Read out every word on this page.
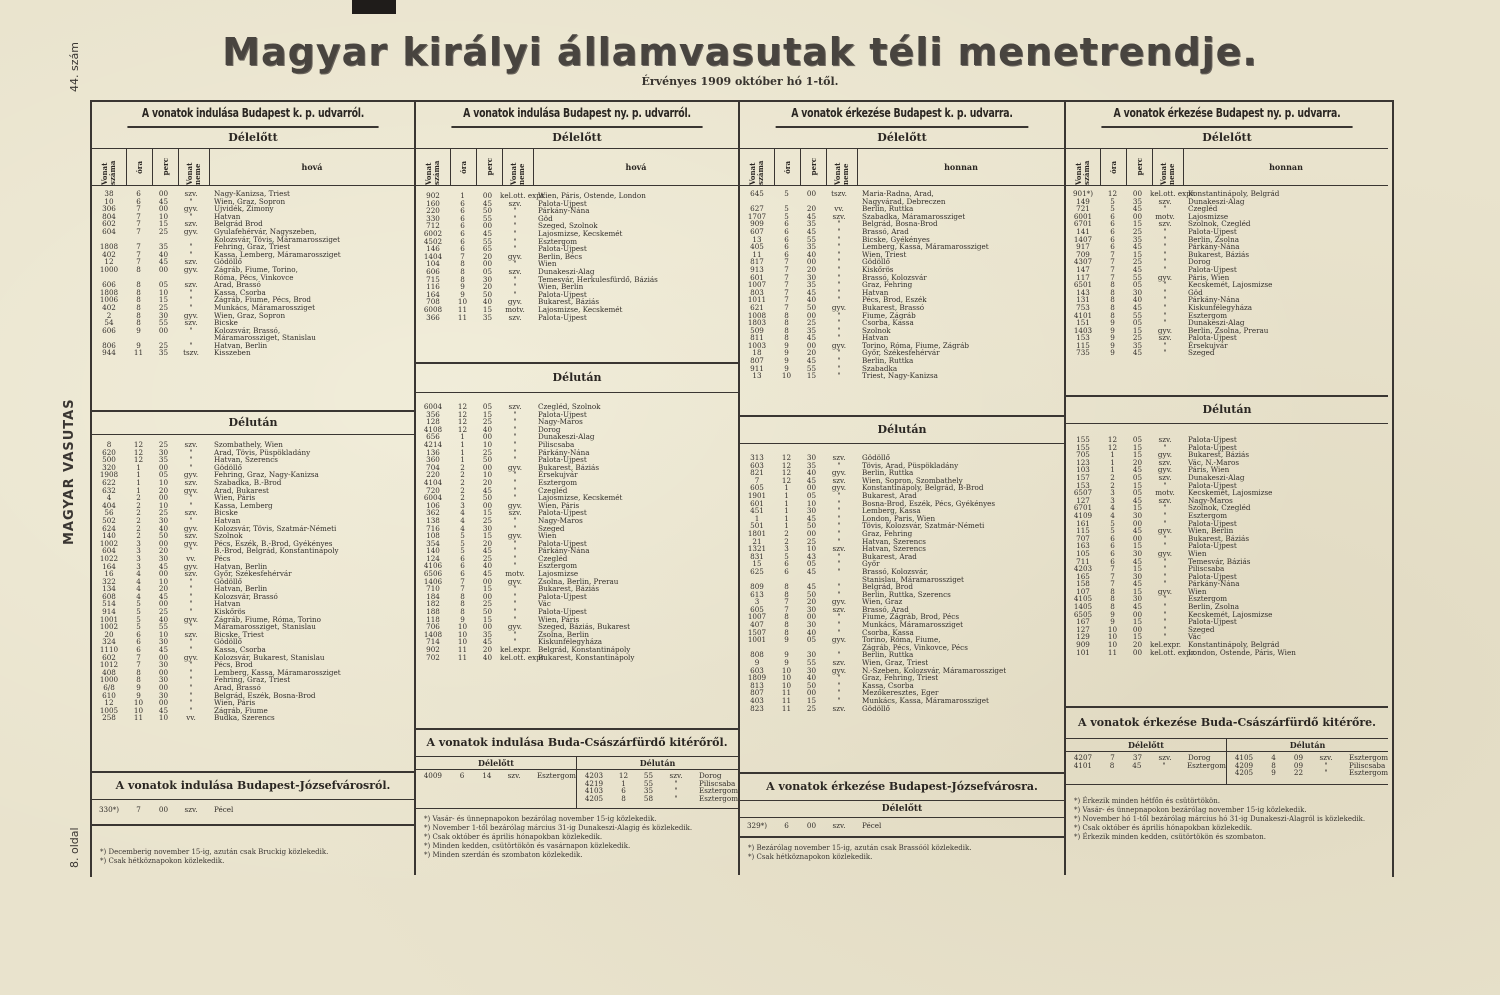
Magyar királyi államvasutak téli menetrendje.
Érvényes 1909 október hó 1-től.
44. szám
MAGYAR VASUTAS
8. oldal
A vonatok indulása Budapest k. p. udvarról.
Délelőtt
Vonat száma	óra perc Vonat neme	hová
38	6	00	szv.	Nagy-Kanizsa, Triest
10	6	45	"	Wien, Graz, Sopron
306	7	00	gyv.	Ujvidék, Zimony
804	7	10	"	Hatvan
602	7	15	szv.	Belgrád Brod
604	7	25	gyv.	Gyulafehérvár, Nagyszeben,
Kolozsvár, Tövis, Máramarossziget
1808	7	35	"	Fehring, Graz, Triest
402	7	40	"	Kassa, Lemberg, Máramarossziget
12	7	45	szv.	Gödöllő
1000	8	00	gyv.	Zágráb, Fiume, Torino,
Róma, Pécs, Vinkovce
606	8	05	szv.	Arad, Brassó
1808	8	10	"	Kassa, Csorba
1006	8	15	"	Zágráb, Fiume, Pécs, Brod
402	8	25	"	Munkács, Máramarossziget
2	8	30	gyv.	Wien, Graz, Sopron
54	8	55	szv.	Bicske
606	9	00	"	Kolozsvár, Brassó,
Máramarossziget, Stanislau
806	9	25	"	Hatvan, Berlin
944	11	35	tszv.	Kisszeben
Délután
8	12	25	szv.	Szombathely, Wien
620	12	30	"	Arad, Tövis, Püspökladány
500	12	35	"	Hatvan, Szerencs
320	1	00	"	Gödöllő
1908	1	05	gyv.	Fehring, Graz, Nagy-Kanizsa
622	1	10	szv.	Szabadka, B.-Brod
632	1	20	gyv.	Arad, Bukarest
4	2	00	"	Wien, Páris
404	2	10	"	Kassa, Lemberg
56	2	25	szv.	Bicske
502	2	30	"	Hatvan
624	2	40	gyv.	Kolozsvár, Tövis, Szatmár-Németi
140	2	50	szv.	Szolnok
1002	3	00	gyv.	Pécs, Eszék, B.-Brod, Gyékényes
604	3	20	"	B.-Brod, Belgrád, Konstantinápoly
1022	3	30	vv.	Pécs
164	3	45	gyv.	Hatvan, Berlin
16	4	00	szv.	Győr, Székesfehérvár
322	4	10	"	Gödöllő
134	4	20	"	Hatvan, Berlin
608	4	45	"	Kolozsvár, Brassó
514	5	00	"	Hatvan
914	5	25	"	Kiskőrös
1001	5	40	gyv.	Zágráb, Fiume, Róma, Torino
1002	5	55	"	Máramarossziget, Stanislau
20	6	10	szv.	Bicske, Triest
324	6	30	"	Gödöllő
1110	6	45	"	Kassa, Csorba
602	7	00	gyv.	Kolozsvár, Bukarest, Stanislau
1012	7	30	"	Pécs, Brod
408	8	00	"	Lemberg, Kassa, Máramarossziget
1000	8	30	"	Fehring, Graz, Triest
6/8	9	00	"	Arad, Brassó
610	9	30	"	Belgrád, Eszék, Bosna-Brod
12	10	00	"	Wien, Páris
1005	10	45	"	Zágráb, Fiume
258	11	10	vv.	Budka, Szerencs
A vonatok indulása Budapest-Józsefvárosról.
330*)	7	00	szv.	Pécel
*) Decemberig november 15-ig, azután csak Bruckig közlekedik.
*) Csak hétköznapokon közlekedik.
A vonatok indulása Budapest ny. p. udvarról.
Délelőtt
Vonat száma	óra perc Vonat neme	hová
902	1	00	kel.ott. expr.
Wien, Páris, Ostende, London
160	6	45	szv.	Palota-Ujpest
220	6	50	"	Párkány-Nána
330	6	55	"	Göd
712	6	00	"	Szeged, Szolnok
6002	6	45	"	Lajosmizse, Kecskemét
4502	6	55	"	Esztergom
146	6	65	"	Palota-Ujpest
1404	7	20	gyv.	Berlin, Bécs
104	8	00	"	Wien
606	8	05	szv.	Dunakeszi-Alag
715	8	30	"	Temesvár, Herkulesfürdő, Báziás
116	9	20	"	Wien, Berlin
164	9	50	"	Palota-Ujpest
708	10	40	gyv.	Bukarest, Báziás
6008	11	15	motv.	Lajosmizse, Kecskemét
366	11	35	szv.	Palota-Ujpest
Délután
6004	12	05	szv.	Czegléd, Szolnok
356	12	15	"	Palota-Ujpest
128	12	25	"	Nagy-Maros
4108	12	40	"	Dorog
656	1	00	"	Dunakeszi-Alag
4214	1	10	"	Piliscsaba
136	1	25	"	Párkány-Nána
360	1	50	"	Palota-Ujpest
704	2	00	gyv.	Bukarest, Báziás
220	2	10	"	Érsekujvár
4104	2	20	"	Esztergom
720	2	45	"	Czegléd
6004	2	50	"	Lajosmizse, Kecskemét
106	3	00	gyv.	Wien, Páris
362	4	15	szv.	Palota-Ujpest
138	4	25	"	Nagy-Maros
716	4	30	"	Szeged
108	5	15	gyv.	Wien
354	5	20	"	Palota-Ujpest
140	5	45	"	Párkány-Nána
124	6	25	"	Czegléd
4106	6	40	"	Esztergom
6506	6	45	motv.	Lajosmizse
1406	7	00	gyv.	Zsolna, Berlin, Prerau
710	7	15	"	Bukarest, Báziás
184	8	00	"	Palota-Ujpest
182	8	25	"	Vác
188	8	50	"	Palota-Ujpest
118	9	15	"	Wien, Páris
706	10	00	gyv.	Szeged, Báziás, Bukarest
1408	10	35	"	Zsolna, Berlin
714	10	45	"	Kiskunfélegyháza
902	11	20	kel.expr. Belgrád, Konstantinápoly
702	11	40	kel.ott. expr.
Bukarest, Konstantinápoly
A vonatok indulása Buda-Császárfürdő kitérőről.
Délelőtt
4009	6	14	szv.	Esztergom
Délután
4203	12	55	szv.	Dorog
4219	1	55	"	Piliscsaba
4103	6	35	"	Esztergom
4205	8	58	"	Esztergom
*) Vasár- és ünnepnapokon bezárólag november 15-ig közlekedik.
*) November 1-től bezárólag március 31-ig Dunakeszi-Alagig és közlekedik.
*) Csak október és április hónapokban közlekedik.
*) Minden kedden, csütörtökön és vasárnapon közlekedik.
*) Minden szerdán és szombaton közlekedik.
A vonatok érkezése Budapest k. p. udvarra.
Délelőtt
Vonat száma	óra perc Vonat neme	honnan
645	5	00	tszv.	Maria-Radna, Arad,
Nagyvárad, Debreczen
627	5	20	vv.	Berlin, Ruttka
1707	5	45	szv.	Szabadka, Máramarossziget
909	6	35	"	Belgrád, Bosna-Brod
607	6	45	"	Brassó, Arad
13	6	55	"	Bicske, Gyékényes
405	6	35	"	Lemberg, Kassa, Máramarossziget
11	6	40	"	Wien, Triest
817	7	00	"	Gödöllő
913	7	20	"	Kiskőrös
601	7	30	"	Brassó, Kolozsvár
1007	7	35	"	Graz, Fehring
803	7	45	"	Hatvan
1011	7	40	"	Pécs, Brod, Eszék
621	7	50	gyv.	Bukarest, Brassó
1008	8	00	"	Fiume, Zágráb
1803	8	25	"	Csorba, Kassa
509	8	35	"	Szolnok
811	8	45	"	Hatvan
1003	9	00	gyv.	Torino, Róma, Fiume, Zágráb
18	9	20	"	Győr, Székesfehérvár
807	9	45	"	Berlin, Ruttka
911	9	55	"	Szabadka
13	10	15	"	Triest, Nagy-Kanizsa
Délután
313	12	30	szv.	Gödöllő
603	12	35	"	Tövis, Arad, Püspökladány
821	12	40	gyv.	Berlin, Ruttka
7	12	45	szv.	Wien, Sopron, Szombathely
605	1	00	gyv.	Konstantinápoly, Belgrád, B-Brod
1901	1	05	"	Bukarest, Arad
601	1	10	"	Bosna-Brod, Eszék, Pécs, Gyékényes
451	1	30	"	Lemberg, Kassa
1	1	45	"	London, Paris, Wien
501	1	50	"	Tövis, Kolozsvár, Szatmár-Németi
1801	2	00	"	Graz, Fehring
21	2	25	"	Hatvan, Szerencs
1321	3	10	szv.	Hatvan, Szerencs
831	5	43	"	Bukarest, Arad
15	6	05	"	Győr
625	6	45	"	Brassó, Kolozsvár,
Stanislau, Máramarossziget
809	8	45	"	Belgrád, Brod
613	8	50	"	Berlin, Ruttka, Szerencs
3	7	20	gyv.	Wien, Graz
605	7	30	szv.	Brassó, Arad
1007	8	00	"	Fiume, Zágráb, Brod, Pécs
407	8	30	"	Munkács, Máramarossziget
1507	8	40	"	Csorba, Kassa
1001	9	05	gyv.	Torino, Róma, Fiume,
Zágráb, Pécs, Vinkovce, Pécs
808	9	30	"	Berlin, Ruttka
9	9	55	szv.	Wien, Graz, Triest
603	10	30	gyv.	N.-Szeben, Kolozsvár, Máramarossziget
1809	10	40	"	Graz, Fehring, Triest
813	10	50	"	Kassa, Csorba
807	11	00	"	Mezőkeresztes, Eger
403	11	15	"	Munkács, Kassa, Máramarossziget
823	11	25	szv.	Gödöllő
A vonatok érkezése Budapest-Józsefvárosra.
Délelőtt
329*)	6	00	szv.	Pécel
*) Bezárólag november 15-ig, azután csak Brassóól közlekedik.
*) Csak hétköznapokon közlekedik.
A vonatok érkezése Budapest ny. p. udvarra.
Délelőtt
Vonat száma	óra perc Vonat neme	honnan
901*)	12	00	kel.ott. expr.
Konstantinápoly, Belgrád
149	5	35	szv.	Dunakeszi-Alag
721	5	45	"	Czegléd
6001	6	00	motv.	Lajosmizse
6701	6	15	szv.	Szolnok, Czegléd
141	6	25	"	Palota-Ujpest
1407	6	35	"	Berlin, Zsolna
917	6	45	"	Párkány-Nána
709	7	15	"	Bukarest, Báziás
4307	7	25	"	Dorog
147	7	45	"	Palota-Ujpest
117	7	55	gyv.	Páris, Wien
6501	8	05	"	Kecskemét, Lajosmizse
143	8	30	"	Göd
131	8	40	"	Párkány-Nána
753	8	45	"	Kiskunfélegyháza
4101	8	55	"	Esztergom
151	9	05	"	Dunakeszi-Alag
1403	9	15	gyv.	Berlin, Zsolna, Prerau
153	9	25	szv.	Palota-Ujpest
115	9	35	"	Érsekujvár
735	9	45	"	Szeged
Délután
155	12	05	szv.	Palota-Ujpest
155	12	15	"	Palota-Ujpest
705	1	15	gyv.	Bukarest, Báziás
123	1	20	szv.	Vác, N.-Maros
103	1	45	gyv.	Páris, Wien
157	2	05	szv.	Dunakeszi-Alag
153	2	15	"	Palota-Ujpest
6507	3	05	motv.	Kecskemét, Lajosmizse
127	3	45	szv.	Nagy-Maros
6701	4	15	"	Szolnok, Czegléd
4109	4	30	"	Esztergom
161	5	00	"	Palota-Ujpest
115	5	45	gyv.	Wien, Berlin
707	6	00	"	Bukarest, Báziás
163	6	15	"	Palota-Ujpest
105	6	30	gyv.	Wien
711	6	45	"	Temesvár, Báziás
4203	7	15	"	Piliscsaba
165	7	30	"	Palota-Ujpest
158	7	45	"	Párkány-Nána
107	8	15	gyv.	Wien
4105	8	30	"	Esztergom
1405	8	45	"	Berlin, Zsolna
6505	9	00	"	Kecskemét, Lajosmizse
167	9	15	"	Palota-Ujpest
127	10	00	"	Szeged
129	10	15	"	Vác
909	10	20	kel.expr. Konstantinápoly, Belgrád
101	11	00	kel.ott. expr.
London, Ostende, Páris, Wien
A vonatok érkezése Buda-Császárfürdő kitérőre.
Délelőtt
4207	7	37	szv.	Dorog
4101	8	45	"	Esztergom
Délután
4105	4	09	szv.	Esztergom
4209	8	09	"	Piliscsaba
4205	9	22	"	Esztergom
*) Érkezik minden hétfőn és csütörtökön.
*) Vasár- és ünnepnapokon bezárólag november 15-ig közlekedik.
*) November hó 1-től bezárólag március hó 31-ig Dunakeszi-Alagról is közlekedik.
*) Csak október és április hónapokban közlekedik.
*) Érkezik minden kedden, csütörtökön és szombaton.
